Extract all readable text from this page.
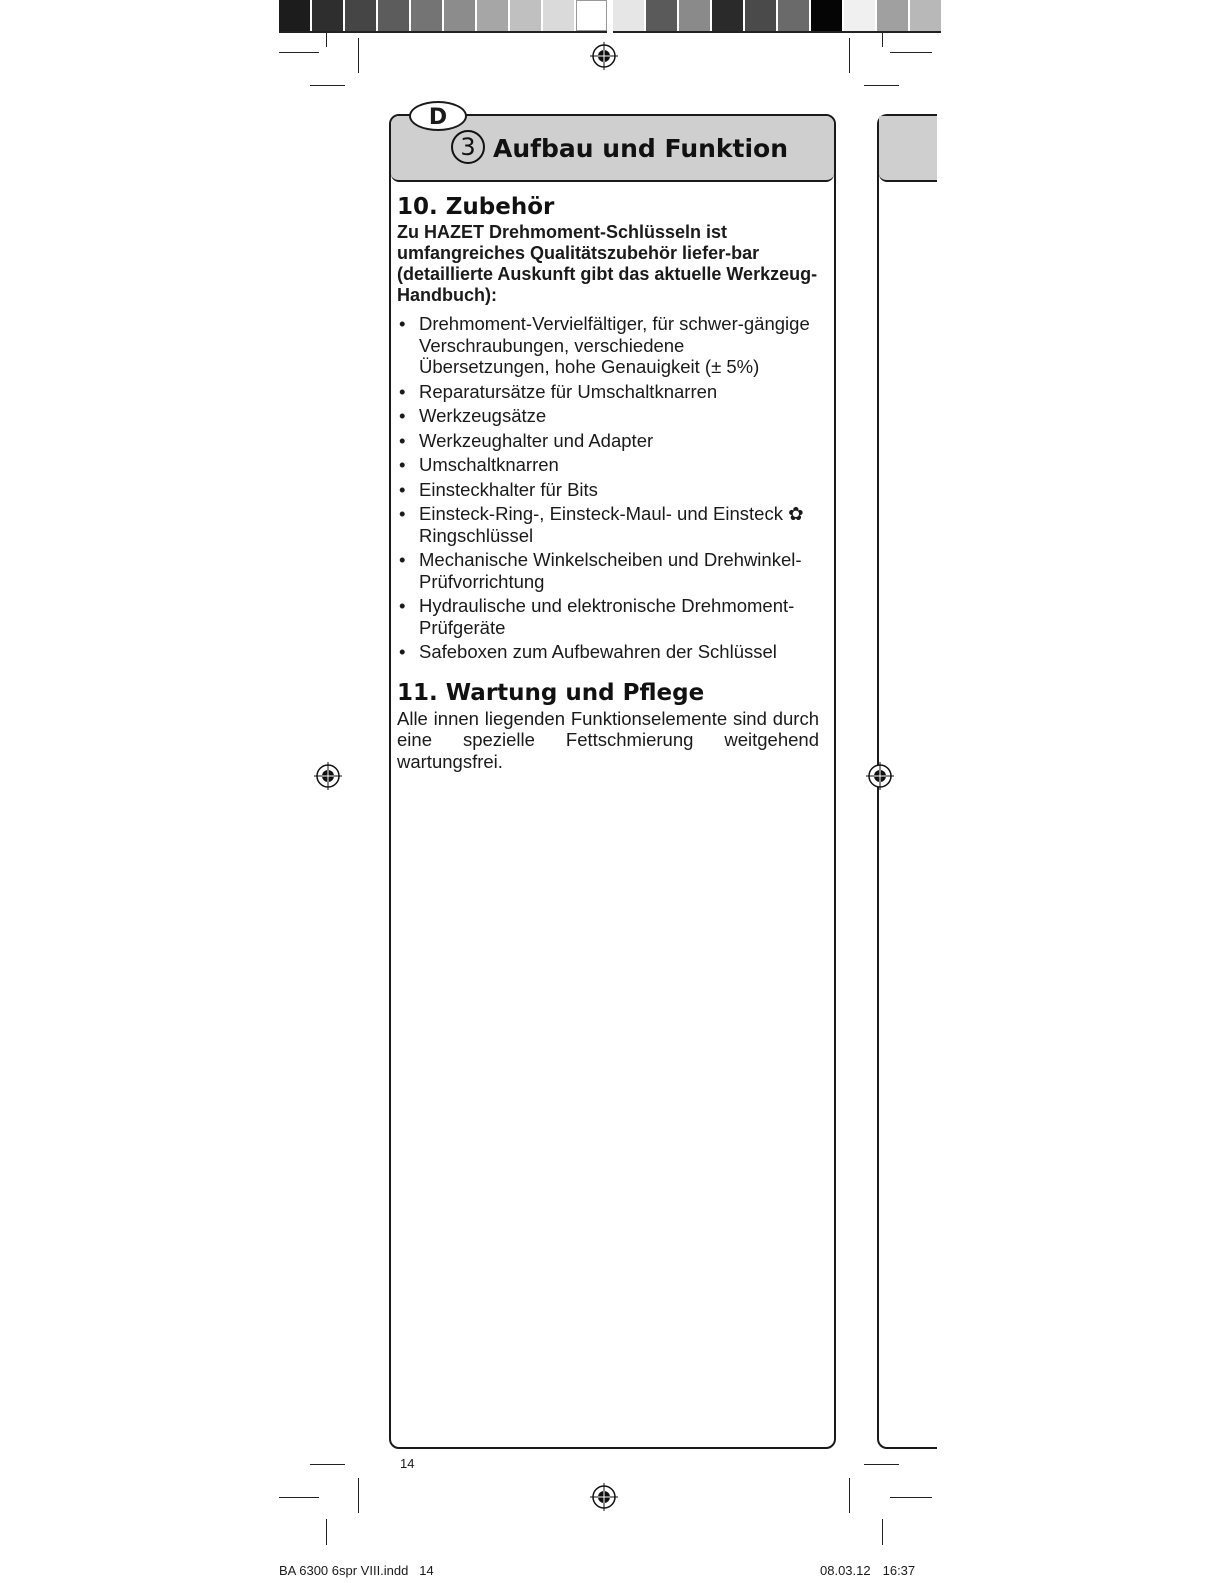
D
3 Aufbau und Funktion
10. Zubehör
Zu HAZET Drehmoment-Schlüsseln ist umfangreiches Qualitätszubehör liefer-bar (detaillierte Auskunft gibt das aktuelle Werkzeug-Handbuch):
• Drehmoment-Vervielfältiger, für schwer-gängige Verschraubungen, verschiedene Übersetzungen, hohe Genauigkeit (± 5%)
• Reparatursätze für Umschaltknarren
• Werkzeugsätze
• Werkzeughalter und Adapter
• Umschaltknarren
• Einsteckhalter für Bits
• Einsteck-Ring-, Einsteck-Maul- und Einsteck ✿ Ringschlüssel
• Mechanische Winkelscheiben und Drehwinkel-Prüfvorrichtung
• Hydraulische und elektronische Drehmoment-Prüfgeräte
• Safeboxen zum Aufbewahren der Schlüssel
11. Wartung und Pflege
Alle innen liegenden Funktionselemente sind durch eine spezielle Fettschmierung weitgehend wartungsfrei.
14
BA 6300 6spr VIII.indd 14	08.03.12 16:37
